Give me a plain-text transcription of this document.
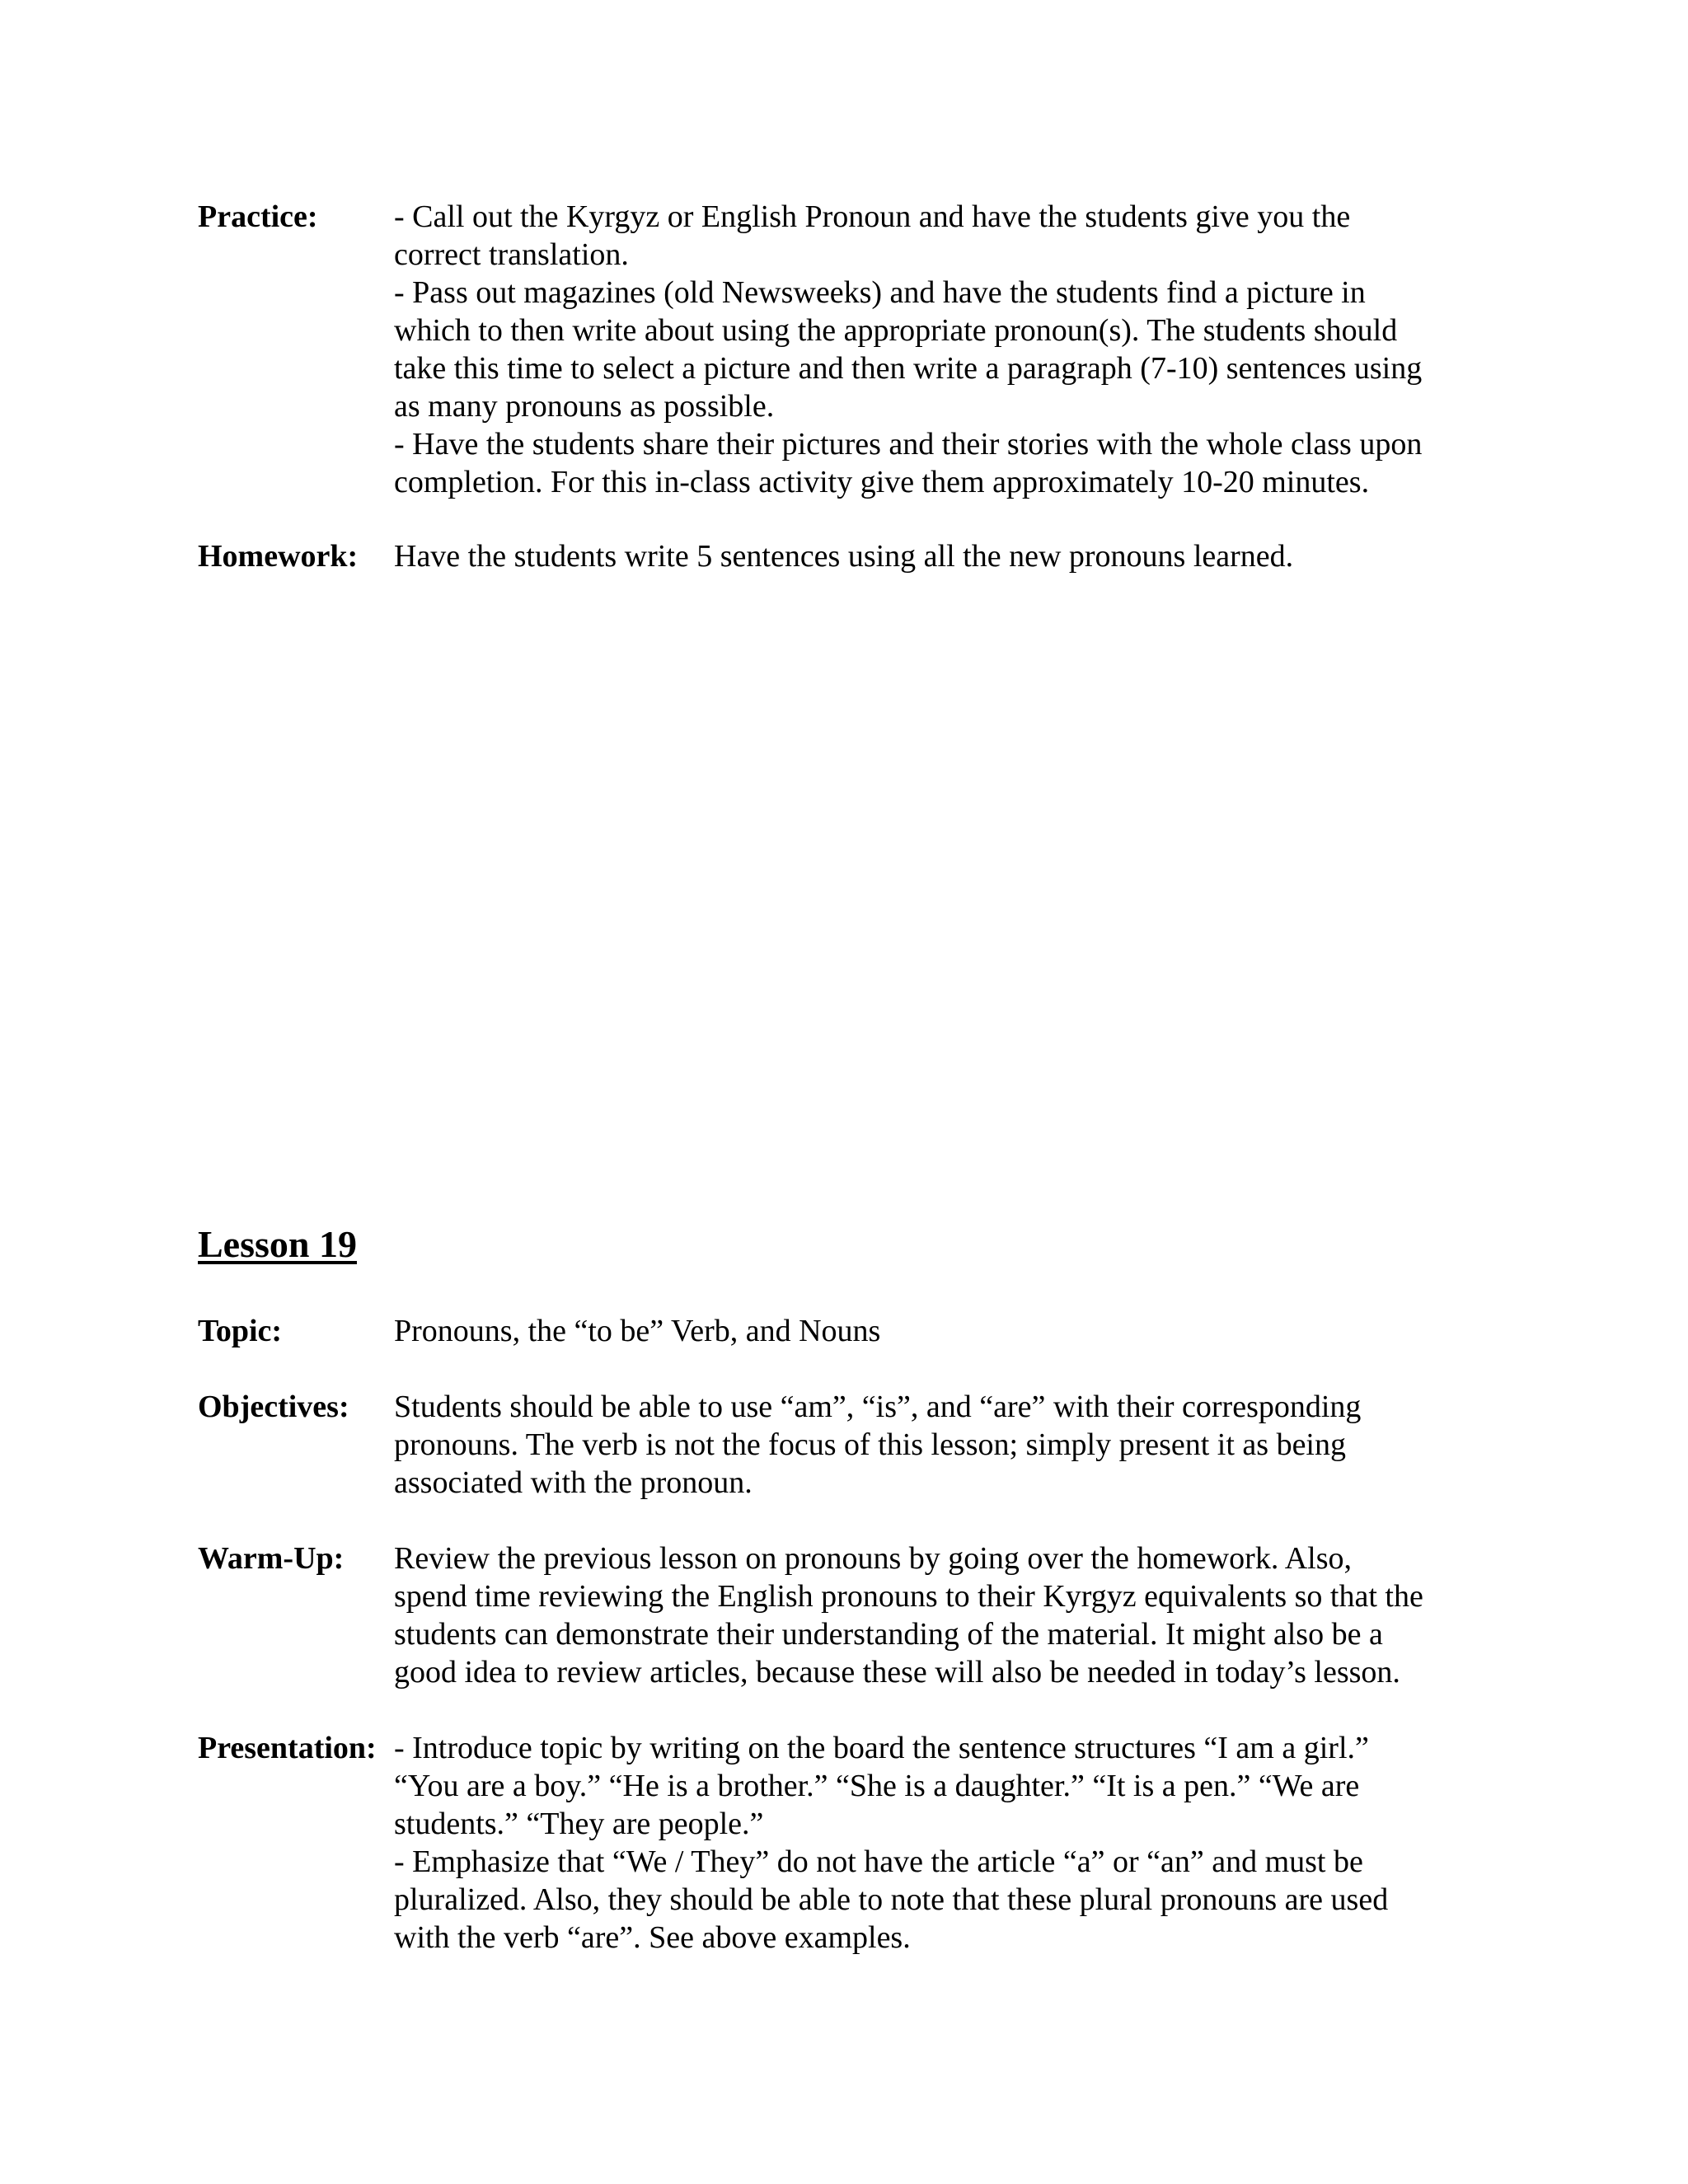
Practice:	- Call out the Kyrgyz or English Pronoun and have the students give you the
correct translation.
- Pass out magazines (old Newsweeks) and have the students find a picture in
which to then write about using the appropriate pronoun(s). The students should
take this time to select a picture and then write a paragraph (7-10) sentences using
as many pronouns as possible.
- Have the students share their pictures and their stories with the whole class upon
completion. For this in-class activity give them approximately 10-20 minutes.
Homework:	Have the students write 5 sentences using all the new pronouns learned.
Lesson 19
Topic:	Pronouns, the “to be” Verb, and Nouns
Objectives:	Students should be able to use “am”, “is”, and “are” with their corresponding
pronouns. The verb is not the focus of this lesson; simply present it as being
associated with the pronoun.
Warm-Up:	Review the previous lesson on pronouns by going over the homework. Also,
spend time reviewing the English pronouns to their Kyrgyz equivalents so that the
students can demonstrate their understanding of the material. It might also be a
good idea to review articles, because these will also be needed in today’s lesson.
Presentation: - Introduce topic by writing on the board the sentence structures “I am a girl.”
“You are a boy.” “He is a brother.” “She is a daughter.” “It is a pen.” “We are
students.” “They are people.”
- Emphasize that “We / They” do not have the article “a” or “an” and must be
pluralized. Also, they should be able to note that these plural pronouns are used
with the verb “are”. See above examples.
